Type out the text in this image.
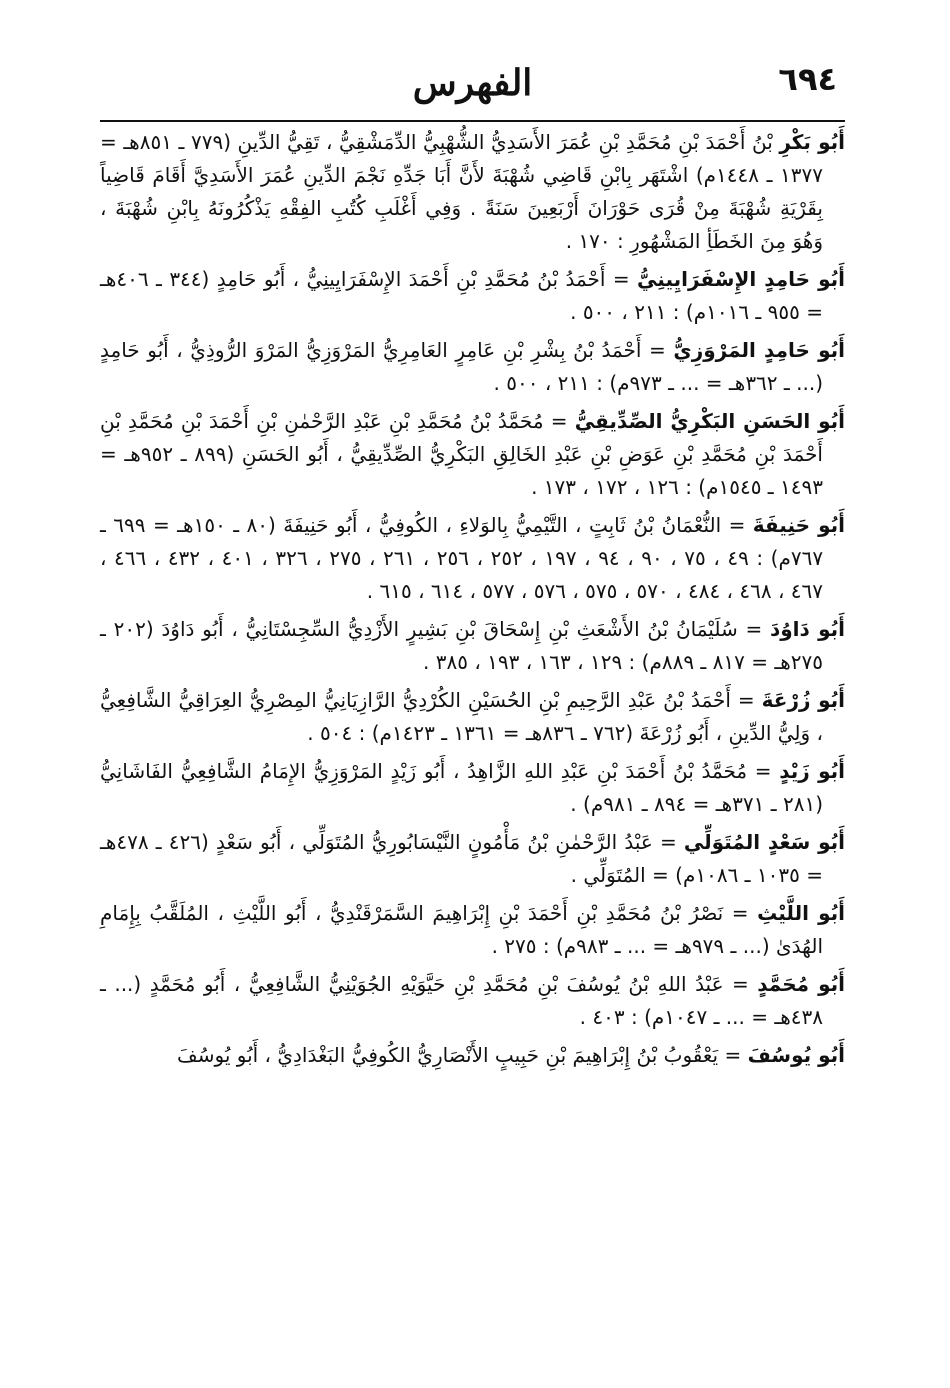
٦٩٤
الفهرس

أَبُو بَكْرِ بْنُ أَحْمَدَ بْنِ مُحَمَّدِ بْنِ عُمَرَ الأَسَدِيُّ الشُّهْبِيُّ الدِّمَشْقِيُّ ، تَقِيُّ الدِّينِ (٧٧٩ ـ ٨٥١هـ = ١٣٧٧ ـ ١٤٤٨م) اشْتَهَر بِابْنِ قَاضِي شُهْبَةَ لأَنَّ أَبَا جَدِّهِ نَجْمَ الدِّينِ عُمَرَ الأَسَدِيَّ أَقَامَ قَاضِياً بِقَرْيَةِ شُهْبَةَ مِنْ قُرَى حَوْرَانَ أَرْبَعِينَ سَنَةً . وَفِي أَغْلَبِ كُتُبِ الفِقْهِ يَذْكُرُونَهُ بِابْنِ شُهْبَةَ ، وَهُوَ مِنَ الخَطَأِ المَشْهُورِ : ١٧٠ .

أَبُو حَامِدٍ الإِسْفَرَايِينِيُّ = أَحْمَدُ بْنُ مُحَمَّدِ بْنِ أَحْمَدَ الإِسْفَرَايِينِيُّ ، أَبُو حَامِدٍ (٣٤٤ ـ ٤٠٦هـ = ٩٥٥ ـ ١٠١٦م) : ٢١١ ، ٥٠٠ .

أَبُو حَامِدٍ المَرْوَزِيُّ = أَحْمَدُ بْنُ بِشْرِ بْنِ عَامِرٍ العَامِرِيُّ المَرْوَزِيُّ المَرْوَ الرُّوذِيُّ ، أَبُو حَامِدٍ (... ـ ٣٦٢هـ = ... ـ ٩٧٣م) : ٢١١ ، ٥٠٠ .

أَبُو الحَسَنِ البَكْرِيُّ الصِّدِّيقِيُّ = مُحَمَّدُ بْنُ مُحَمَّدِ بْنِ عَبْدِ الرَّحْمٰنِ بْنِ أَحْمَدَ بْنِ مُحَمَّدِ بْنِ أَحْمَدَ بْنِ مُحَمَّدِ بْنِ عَوَضِ بْنِ عَبْدِ الخَالِقِ البَكْرِيُّ الصِّدِّيقِيُّ ، أَبُو الحَسَنِ (٨٩٩ ـ ٩٥٢هـ = ١٤٩٣ ـ ١٥٤٥م) : ١٢٦ ، ١٧٢ ، ١٧٣ .

أَبُو حَنِيفَةَ = النُّعْمَانُ بْنُ ثَابِتٍ ، التَّيْمِيُّ بِالوَلاءِ ، الكُوفِيُّ ، أَبُو حَنِيفَةَ (٨٠ ـ ١٥٠هـ = ٦٩٩ ـ ٧٦٧م) : ٤٩ ، ٧٥ ، ٩٠ ، ٩٤ ، ١٩٧ ، ٢٥٢ ، ٢٥٦ ، ٢٦١ ، ٢٧٥ ، ٣٢٦ ، ٤٠١ ، ٤٣٢ ، ٤٦٦ ، ٤٦٧ ، ٤٦٨ ، ٤٨٤ ، ٥٧٠ ، ٥٧٥ ، ٥٧٦ ، ٥٧٧ ، ٦١٤ ، ٦١٥ .

أَبُو دَاوُدَ = سُلَيْمَانُ بْنُ الأَشْعَثِ بْنِ إِسْحَاقَ بْنِ بَشِيرٍ الأَزْدِيُّ السِّجِسْتَانِيُّ ، أَبُو دَاوُدَ (٢٠٢ ـ ٢٧٥هـ = ٨١٧ ـ ٨٨٩م) : ١٢٩ ، ١٦٣ ، ١٩٣ ، ٣٨٥ .

أَبُو زُرْعَةَ = أَحْمَدُ بْنُ عَبْدِ الرَّحِيمِ بْنِ الحُسَيْنِ الكُرْدِيُّ الرَّازِيَانِيُّ المِصْرِيُّ العِرَاقِيُّ الشَّافِعِيُّ ، وَلِيُّ الدِّينِ ، أَبُو زُرْعَةَ (٧٦٢ ـ ٨٣٦هـ = ١٣٦١ ـ ١٤٢٣م) : ٥٠٤ .

أَبُو زَيْدٍ = مُحَمَّدُ بْنُ أَحْمَدَ بْنِ عَبْدِ اللهِ الزَّاهِدُ ، أَبُو زَيْدٍ المَرْوَزِيُّ الإِمَامُ الشَّافِعِيُّ الفَاشَانِيُّ (٢٨١ ـ ٣٧١هـ = ٨٩٤ ـ ٩٨١م) .

أَبُو سَعْدٍ المُتَوَلِّي = عَبْدُ الرَّحْمٰنِ بْنُ مَأْمُونٍ النَّيْسَابُورِيُّ المُتَوَلِّي ، أَبُو سَعْدٍ (٤٢٦ ـ ٤٧٨هـ = ١٠٣٥ ـ ١٠٨٦م) = المُتَوَلِّي .

أَبُو اللَّيْثِ = نَصْرُ بْنُ مُحَمَّدِ بْنِ أَحْمَدَ بْنِ إِبْرَاهِيمَ السَّمَرْقَنْدِيُّ ، أَبُو اللَّيْثِ ، المُلَقَّبُ بِإِمَامِ الهُدَىٰ (... ـ ٩٧٩هـ = ... ـ ٩٨٣م) : ٢٧٥ .

أَبُو مُحَمَّدٍ = عَبْدُ اللهِ بْنُ يُوسُفَ بْنِ مُحَمَّدِ بْنِ حَيَّوَيْهِ الجُوَيْنِيُّ الشَّافِعِيُّ ، أَبُو مُحَمَّدٍ (... ـ ٤٣٨هـ = ... ـ ١٠٤٧م) : ٤٠٣ .

أَبُو يُوسُفَ = يَعْقُوبُ بْنُ إِبْرَاهِيمَ بْنِ حَبِيبٍ الأَنْصَارِيُّ الكُوفِيُّ البَغْدَادِيُّ ، أَبُو يُوسُفَ
